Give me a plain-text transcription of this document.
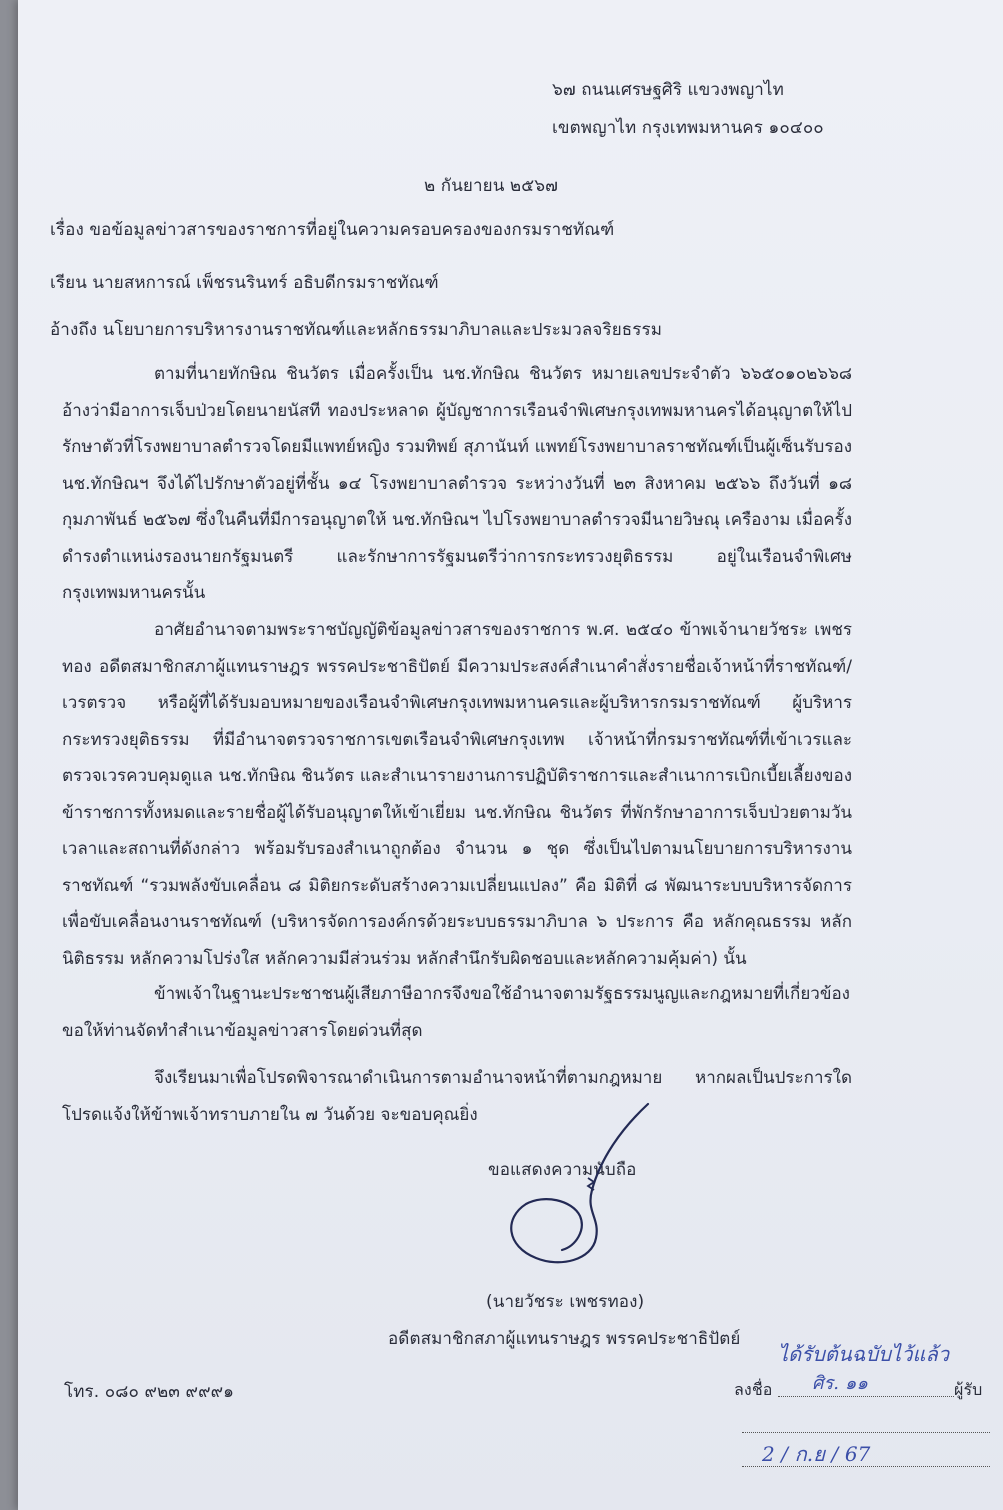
๖๗ ถนนเศรษฐศิริ แขวงพญาไท
เขตพญาไท กรุงเทพมหานคร ๑๐๔๐๐
๒ กันยายน ๒๕๖๗
เรื่อง ขอข้อมูลข่าวสารของราชการที่อยู่ในความครอบครองของกรมราชทัณฑ์
เรียน นายสหการณ์ เพ็ชรนรินทร์ อธิบดีกรมราชทัณฑ์
อ้างถึง นโยบายการบริหารงานราชทัณฑ์และหลักธรรมาภิบาลและประมวลจริยธรรม
ตามที่นายทักษิณ ชินวัตร เมื่อครั้งเป็น นช.ทักษิณ ชินวัตร หมายเลขประจำตัว ๖๖๕๐๑๐๒๖๖๘ อ้างว่ามีอาการเจ็บป่วยโดยนายนัสที ทองประหลาด ผู้บัญชาการเรือนจำพิเศษกรุงเทพมหานครได้อนุญาตให้ไปรักษาตัวที่โรงพยาบาลตำรวจโดยมีแพทย์หญิง รวมทิพย์ สุภานันท์ แพทย์โรงพยาบาลราชทัณฑ์เป็นผู้เซ็นรับรอง นช.ทักษิณฯ จึงได้ไปรักษาตัวอยู่ที่ชั้น ๑๔ โรงพยาบาลตำรวจ ระหว่างวันที่ ๒๓ สิงหาคม ๒๕๖๖ ถึงวันที่ ๑๘ กุมภาพันธ์ ๒๕๖๗ ซึ่งในคืนที่มีการอนุญาตให้ นช.ทักษิณฯ ไปโรงพยาบาลตำรวจมีนายวิษณุ เครืองาม เมื่อครั้งดำรงตำแหน่งรองนายกรัฐมนตรี และรักษาการรัฐมนตรีว่าการกระทรวงยุติธรรม อยู่ในเรือนจำพิเศษกรุงเทพมหานครนั้น
อาศัยอำนาจตามพระราชบัญญัติข้อมูลข่าวสารของราชการ พ.ศ. ๒๕๔๐ ข้าพเจ้านายวัชระ เพชรทอง อดีตสมาชิกสภาผู้แทนราษฎร พรรคประชาธิปัตย์ มีความประสงค์สำเนาคำสั่งรายชื่อเจ้าหน้าที่ราชทัณฑ์/เวรตรวจ หรือผู้ที่ได้รับมอบหมายของเรือนจำพิเศษกรุงเทพมหานครและผู้บริหารกรมราชทัณฑ์ ผู้บริหารกระทรวงยุติธรรม ที่มีอำนาจตรวจราชการเขตเรือนจำพิเศษกรุงเทพ เจ้าหน้าที่กรมราชทัณฑ์ที่เข้าเวรและตรวจเวรควบคุมดูแล นช.ทักษิณ ชินวัตร และสำเนารายงานการปฏิบัติราชการและสำเนาการเบิกเบี้ยเลี้ยงของข้าราชการทั้งหมดและรายชื่อผู้ได้รับอนุญาตให้เข้าเยี่ยม นช.ทักษิณ ชินวัตร ที่พักรักษาอาการเจ็บป่วยตามวันเวลาและสถานที่ดังกล่าว พร้อมรับรองสำเนาถูกต้อง จำนวน ๑ ชุด ซึ่งเป็นไปตามนโยบายการบริหารงานราชทัณฑ์ “รวมพลังขับเคลื่อน ๘ มิติยกระดับสร้างความเปลี่ยนแปลง” คือ มิติที่ ๘ พัฒนาระบบบริหารจัดการเพื่อขับเคลื่อนงานราชทัณฑ์ (บริหารจัดการองค์กรด้วยระบบธรรมาภิบาล ๖ ประการ คือ หลักคุณธรรม หลักนิติธรรม หลักความโปร่งใส หลักความมีส่วนร่วม หลักสำนึกรับผิดชอบและหลักความคุ้มค่า) นั้น
ข้าพเจ้าในฐานะประชาชนผู้เสียภาษีอากรจึงขอใช้อำนาจตามรัฐธรรมนูญและกฎหมายที่เกี่ยวข้องขอให้ท่านจัดทำสำเนาข้อมูลข่าวสารโดยด่วนที่สุด
จึงเรียนมาเพื่อโปรดพิจารณาดำเนินการตามอำนาจหน้าที่ตามกฎหมาย หากผลเป็นประการใดโปรดแจ้งให้ข้าพเจ้าทราบภายใน ๗ วันด้วย จะขอบคุณยิ่ง
ขอแสดงความนับถือ
(นายวัชระ เพชรทอง)
อดีตสมาชิกสภาผู้แทนราษฎร พรรคประชาธิปัตย์
โทร. ๐๘๐ ๙๒๓ ๙๙๙๑
ได้รับต้นฉบับไว้แล้ว
ลงชื่อ ศิร. ๑๑	ผู้รับ
2 / ก.ย / 67
